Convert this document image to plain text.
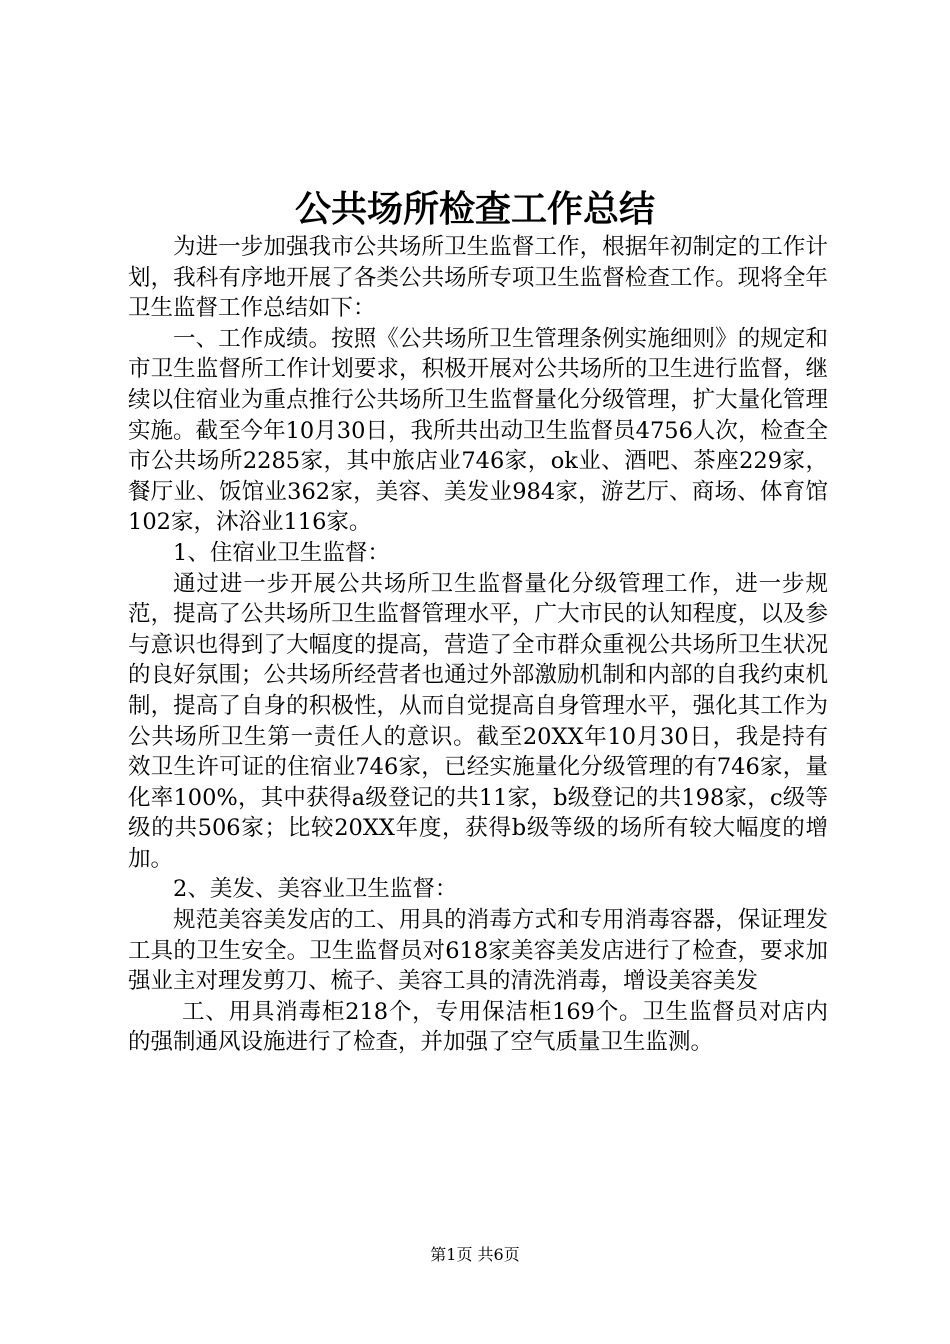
公共场所检查工作总结

为进一步加强我市公共场所卫生监督工作，根据年初制定的工作计划，我科有序地开展了各类公共场所专项卫生监督检查工作。现将全年卫生监督工作总结如下：

一、工作成绩。按照《公共场所卫生管理条例实施细则》的规定和市卫生监督所工作计划要求，积极开展对公共场所的卫生进行监督，继续以住宿业为重点推行公共场所卫生监督量化分级管理，扩大量化管理实施。截至今年10月30日，我所共出动卫生监督员4756人次，检查全市公共场所2285家，其中旅店业746家，ok业、酒吧、茶座229家，餐厅业、饭馆业362家，美容、美发业984家，游艺厅、商场、体育馆102家，沐浴业116家。

1、住宿业卫生监督：

通过进一步开展公共场所卫生监督量化分级管理工作，进一步规范，提高了公共场所卫生监督管理水平，广大市民的认知程度，以及参与意识也得到了大幅度的提高，营造了全市群众重视公共场所卫生状况的良好氛围；公共场所经营者也通过外部激励机制和内部的自我约束机制，提高了自身的积极性，从而自觉提高自身管理水平，强化其工作为公共场所卫生第一责任人的意识。截至20XX年10月30日，我是持有效卫生许可证的住宿业746家，已经实施量化分级管理的有746家，量化率100%，其中获得a级登记的共11家，b级登记的共198家，c级等级的共506家；比较20XX年度，获得b级等级的场所有较大幅度的增加。

2、美发、美容业卫生监督：

规范美容美发店的工、用具的消毒方式和专用消毒容器，保证理发工具的卫生安全。卫生监督员对618家美容美发店进行了检查，要求加强业主对理发剪刀、梳子、美容工具的清洗消毒，增设美容美发

工、用具消毒柜218个，专用保洁柜169个。卫生监督员对店内的强制通风设施进行了检查，并加强了空气质量卫生监测。

第1页 共6页
